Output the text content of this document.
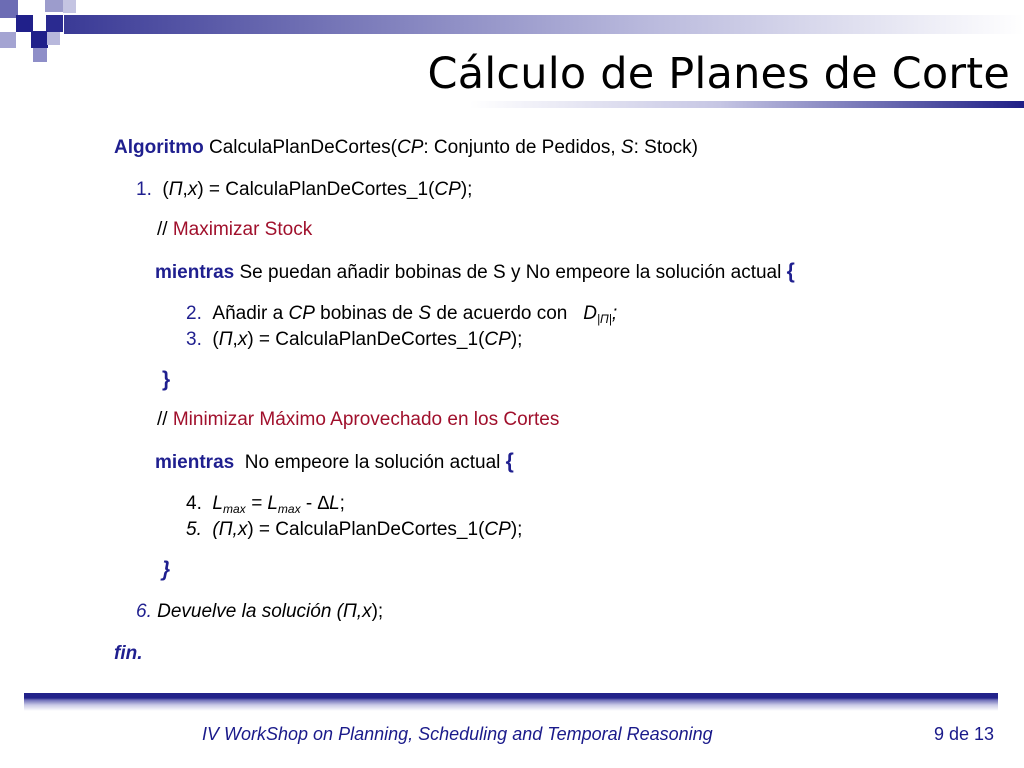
Cálculo de Planes de Corte
Algoritmo CalculaPlanDeCortes(CP: Conjunto de Pedidos, S: Stock)
1. (Π,x) = CalculaPlanDeCortes_1(CP);
// Maximizar Stock
mientras Se puedan añadir bobinas de S y No empeore la solución actual {
2. Añadir a CP bobinas de S de acuerdo con   $D_{|\Pi|}$;
3. (Π,x) = CalculaPlanDeCortes_1(CP);
}
// Minimizar Máximo Aprovechado en los Cortes
mientras  No empeore la solución actual {
4. $L_{max} = L_{max} - \Delta L$;
5. (Π,x) = CalculaPlanDeCortes_1(CP);
}
6. Devuelve la solución (Π,x);
fin.
IV WorkShop on Planning, Scheduling and Temporal Reasoning	9 de 13
